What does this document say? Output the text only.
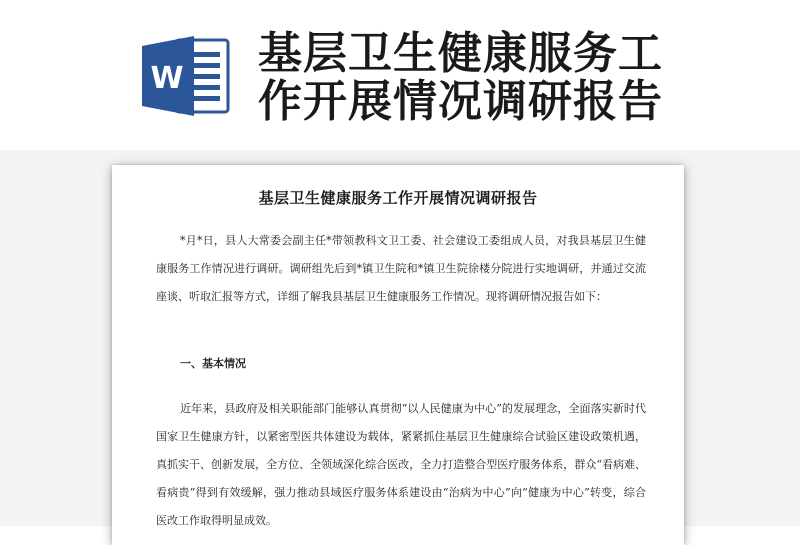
W 基层卫生健康服务工
作开展情况调研报告
基层卫生健康服务工作开展情况调研报告

*月*日，县人大常委会副主任*带领教科文卫工委、社会建设工委组成人员，对我县基层卫生健康服务工作情况进行调研。调研组先后到*镇卫生院和*镇卫生院徐楼分院进行实地调研，并通过交流座谈、听取汇报等方式，详细了解我县基层卫生健康服务工作情况。现将调研情况报告如下：

一、基本情况

近年来，县政府及相关职能部门能够认真贯彻“以人民健康为中心”的发展理念，全面落实新时代国家卫生健康方针，以紧密型医共体建设为载体，紧紧抓住基层卫生健康综合试验区建设政策机遇，真抓实干、创新发展，全方位、全领域深化综合医改，全力打造整合型医疗服务体系，群众“看病难、看病贵”得到有效缓解，强力推动县域医疗服务体系建设由“治病为中心”向“健康为中心”转变，综合医改工作取得明显成效。
